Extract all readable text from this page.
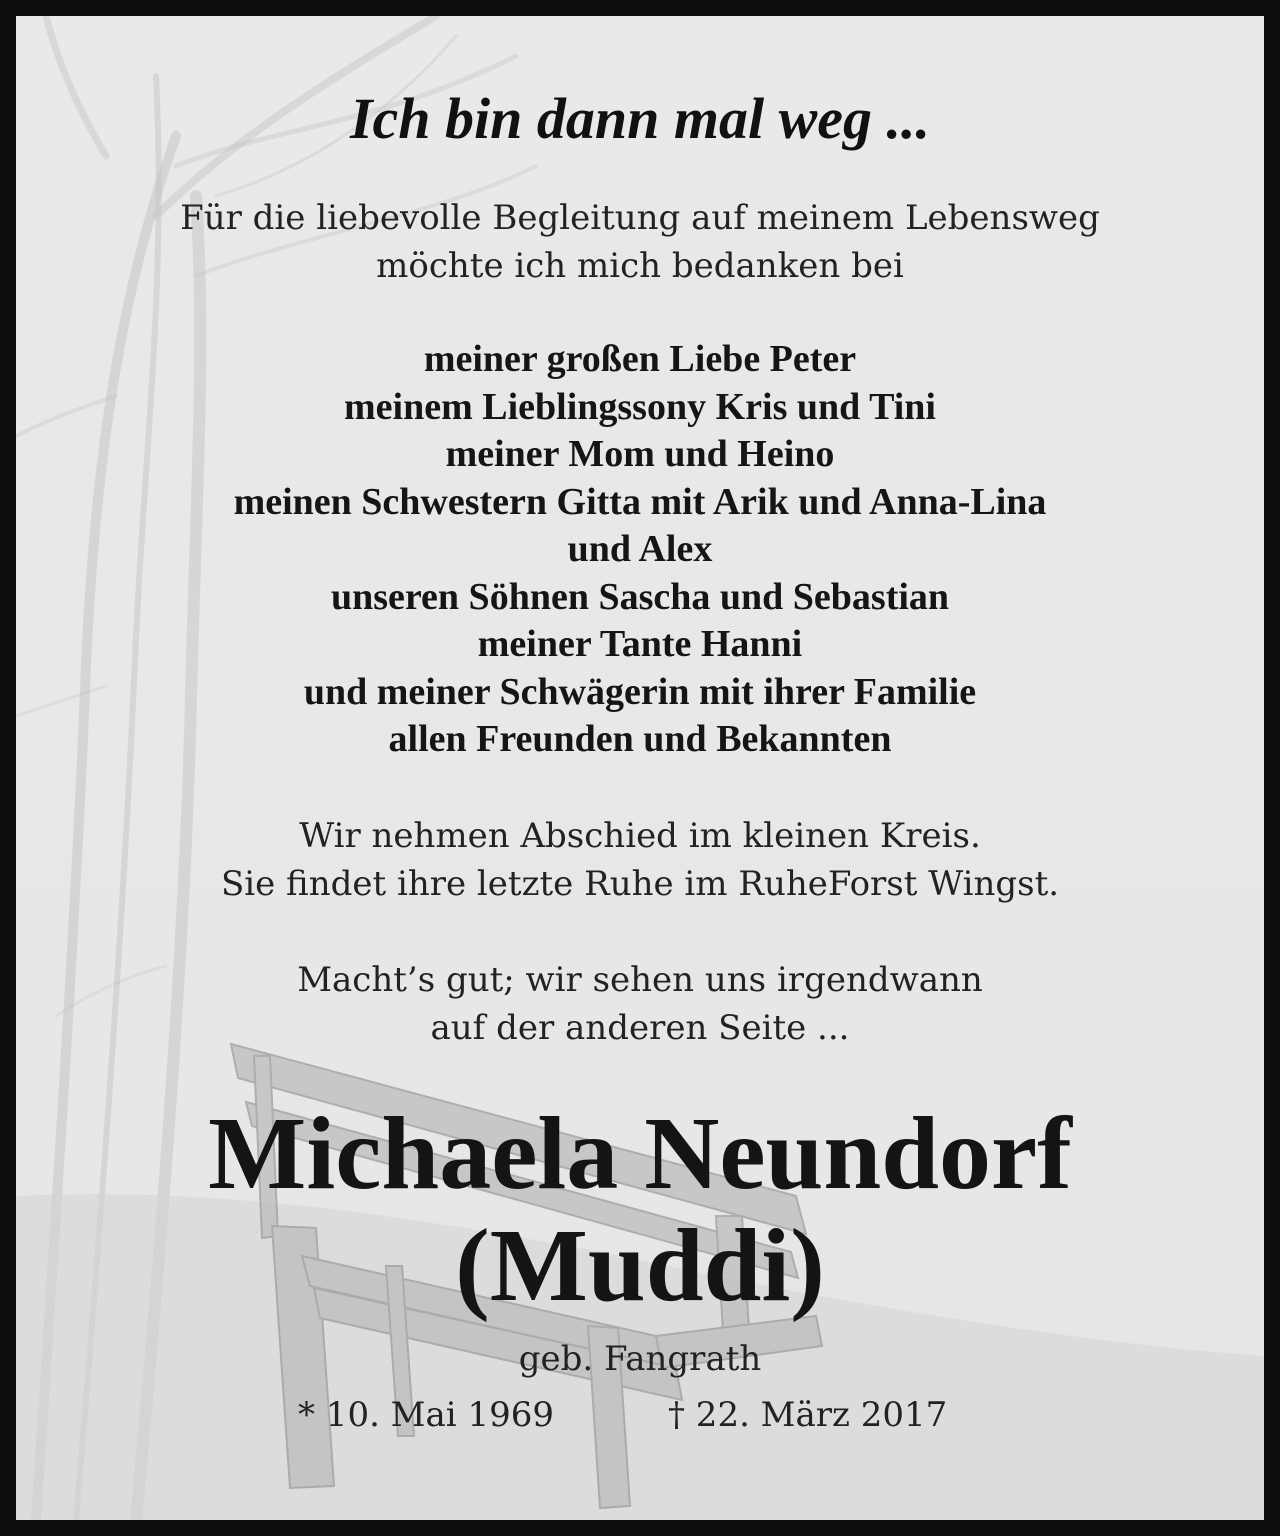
Ich bin dann mal weg ...
Für die liebevolle Begleitung auf meinem Lebensweg
möchte ich mich bedanken bei
meiner großen Liebe Peter
meinem Lieblingssony Kris und Tini
meiner Mom und Heino
meinen Schwestern Gitta mit Arik und Anna-Lina
und Alex
unseren Söhnen Sascha und Sebastian
meiner Tante Hanni
und meiner Schwägerin mit ihrer Familie
allen Freunden und Bekannten
Wir nehmen Abschied im kleinen Kreis.
Sie findet ihre letzte Ruhe im RuheForst Wingst.
Macht’s gut; wir sehen uns irgendwann
auf der anderen Seite ...
Michaela Neundorf
(Muddi)
geb. Fangrath
* 10. Mai 1969	† 22. März 2017
